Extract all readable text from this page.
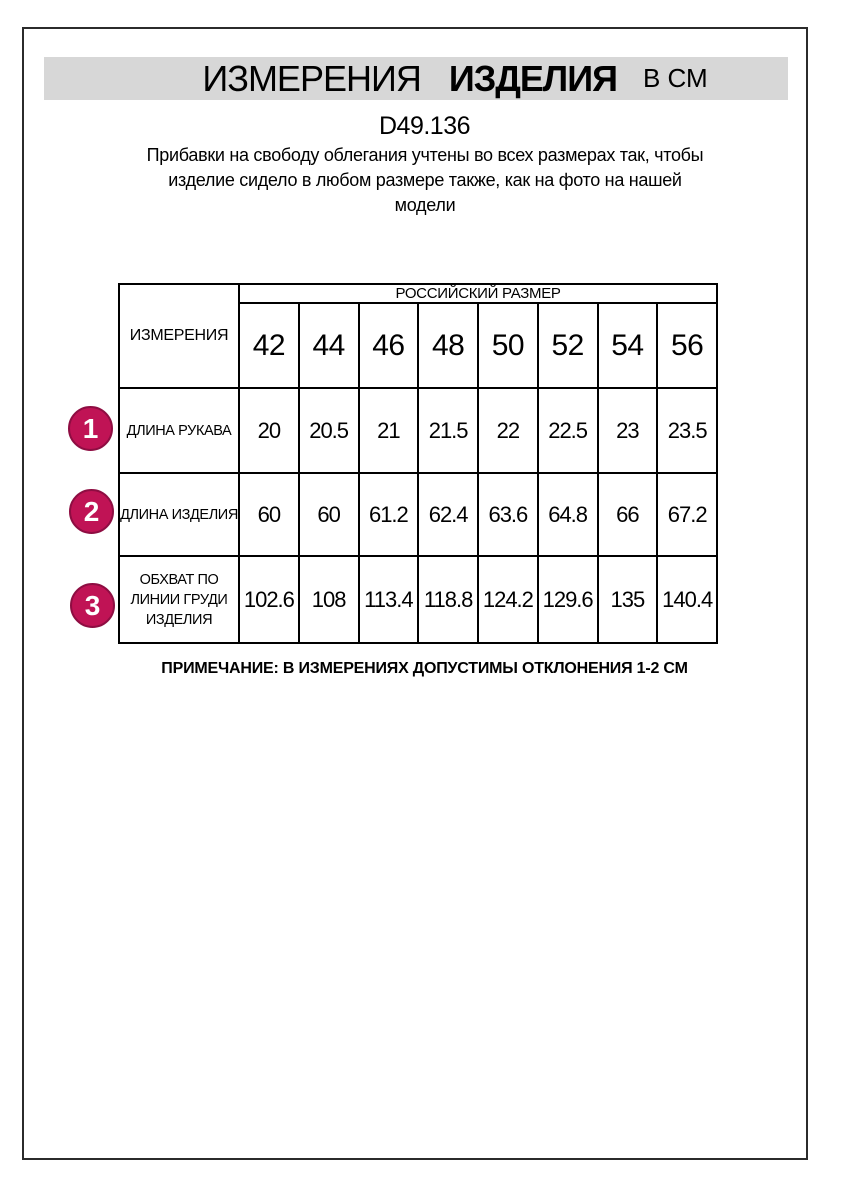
ИЗМЕРЕНИЯ ИЗДЕЛИЯ В СМ
D49.136
Прибавки на свободу облегания учтены во всех размерах так, чтобы
изделие сидело в любом размере также, как на фото на нашей
модели
ИЗМЕРЕНИЯ	РОССИЙСКИЙ РАЗМЕР							
	42	44	46	48	50	52	54	56
ДЛИНА РУКАВА	20	20.5	21	21.5	22	22.5	23	23.5
ДЛИНА ИЗДЕЛИЯ	60	60	61.2	62.4	63.6	64.8	66	67.2
ОБХВАТ ПО ЛИНИИ ГРУДИ ИЗДЕЛИЯ	102.6	108	113.4	118.8	124.2	129.6	135	140.4
1
2
3
ПРИМЕЧАНИЕ: В ИЗМЕРЕНИЯХ ДОПУСТИМЫ ОТКЛОНЕНИЯ 1-2 СМ
